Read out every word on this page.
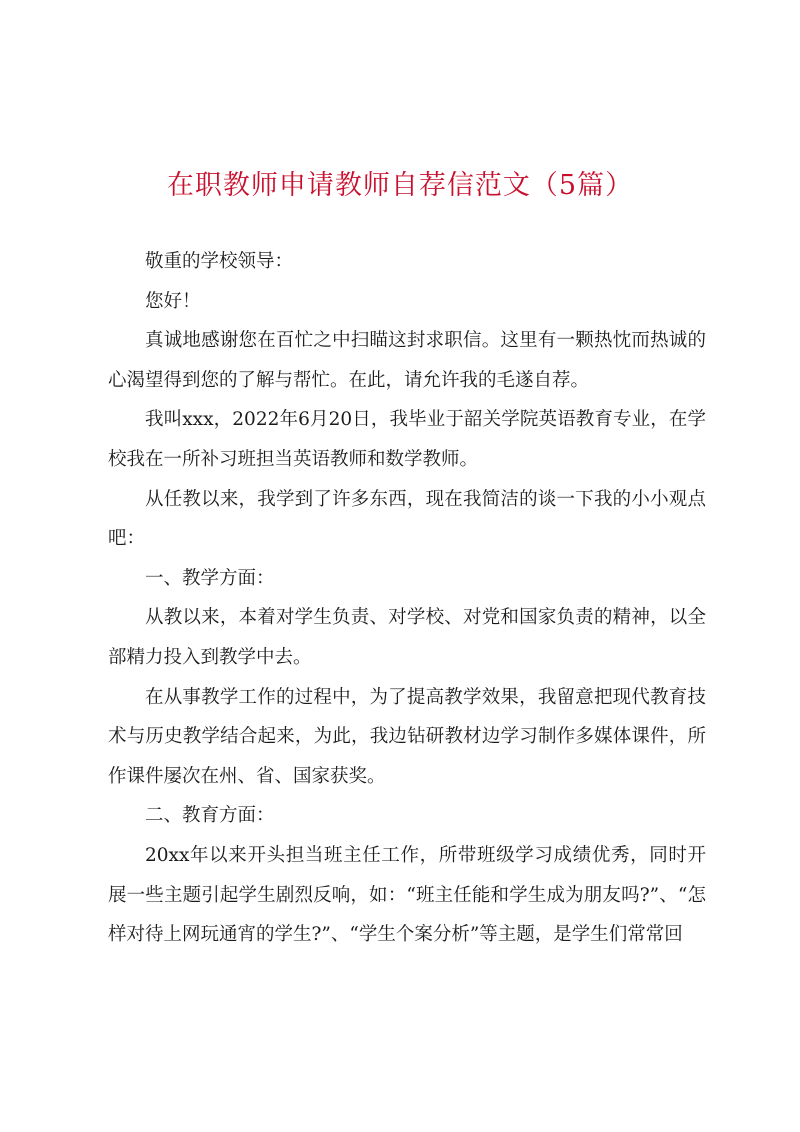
在职教师申请教师自荐信范文（5篇）

敬重的学校领导：

您好！

真诚地感谢您在百忙之中扫瞄这封求职信。这里有一颗热忱而热诚的心渴望得到您的了解与帮忙。在此，请允许我的毛遂自荐。

我叫xxx，2022年6月20日，我毕业于韶关学院英语教育专业，在学校我在一所补习班担当英语教师和数学教师。

从任教以来，我学到了许多东西，现在我简洁的谈一下我的小小观点吧：

一、教学方面：

从教以来，本着对学生负责、对学校、对党和国家负责的精神，以全部精力投入到教学中去。

在从事教学工作的过程中，为了提高教学效果，我留意把现代教育技术与历史教学结合起来，为此，我边钻研教材边学习制作多媒体课件，所作课件屡次在州、省、国家获奖。

二、教育方面：

20xx年以来开头担当班主任工作，所带班级学习成绩优秀，同时开展一些主题引起学生剧烈反响，如：“班主任能和学生成为朋友吗?”、“怎样对待上网玩通宵的学生?”、“学生个案分析”等主题，是学生们常常回
